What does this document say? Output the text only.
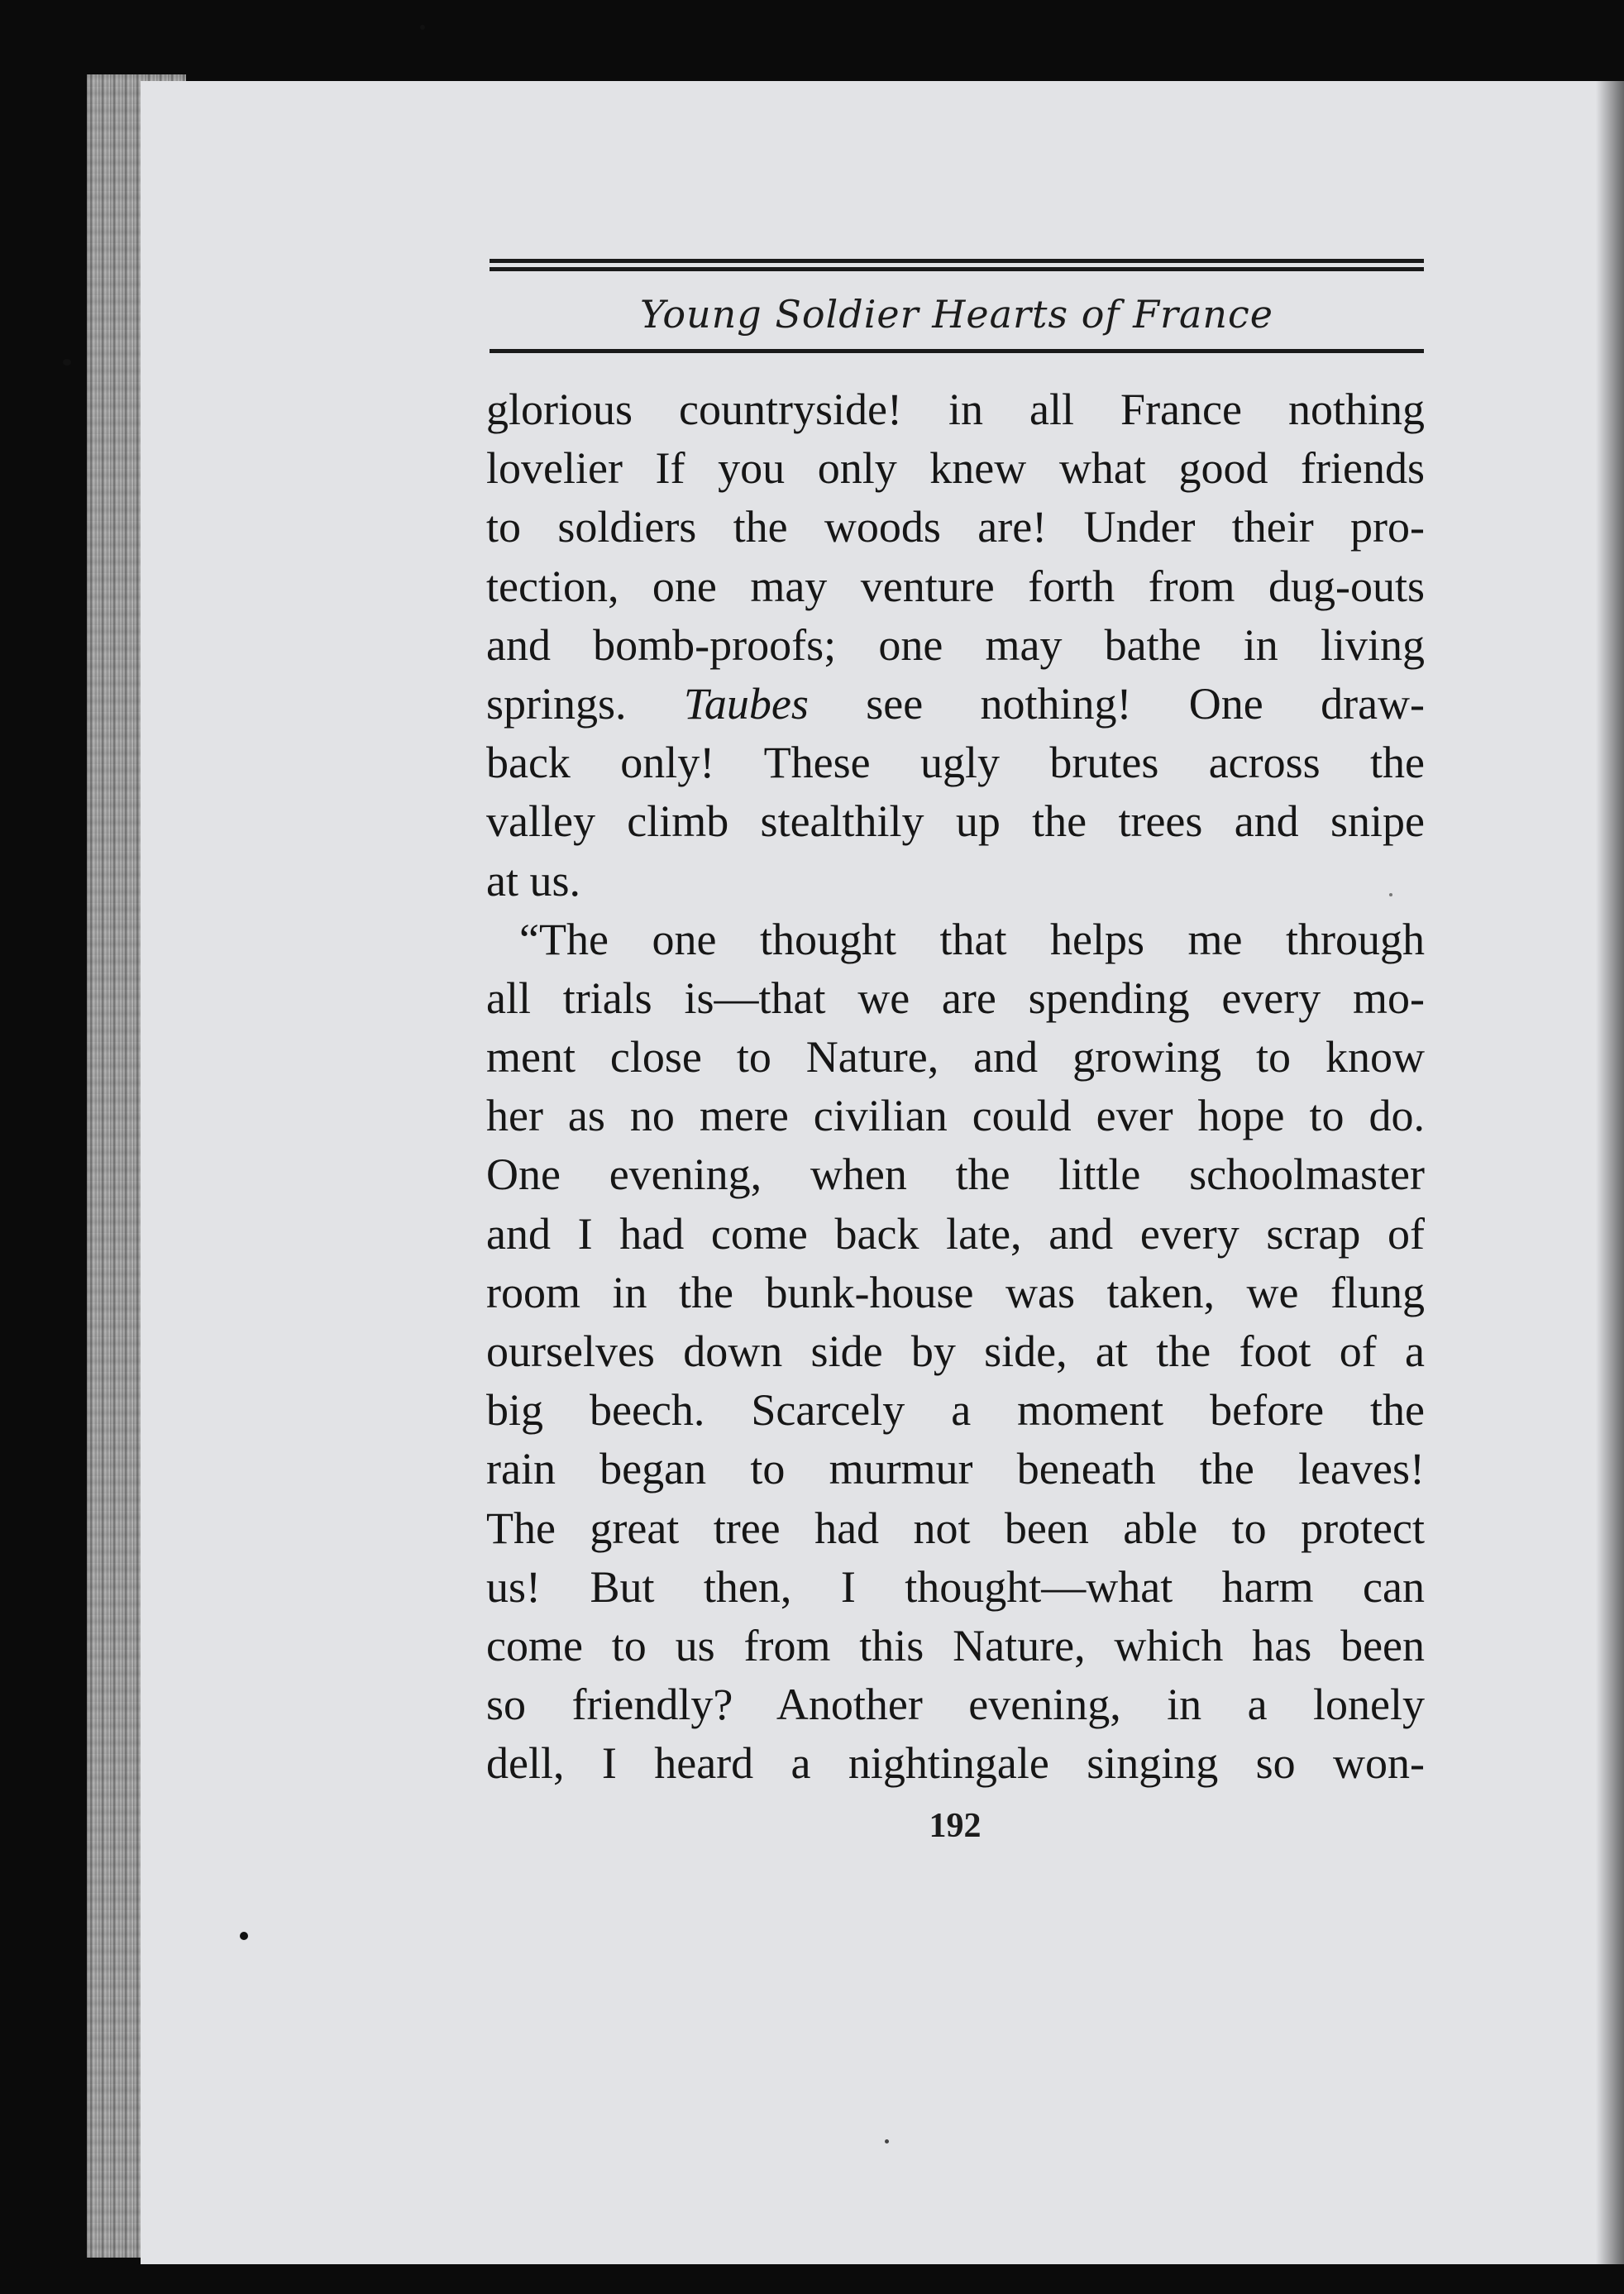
Young Soldier Hearts of France
glorious countryside! in all France nothing
lovelier If you only knew what good friends
to soldiers the woods are! Under their pro-
tection, one may venture forth from dug-outs
and bomb-proofs; one may bathe in living
springs. Taubes see nothing! One draw-
back only! These ugly brutes across the
valley climb stealthily up the trees and snipe
at us.
“The one thought that helps me through
all trials is—that we are spending every mo-
ment close to Nature, and growing to know
her as no mere civilian could ever hope to do.
One evening, when the little schoolmaster
and I had come back late, and every scrap of
room in the bunk-house was taken, we flung
ourselves down side by side, at the foot of a
big beech. Scarcely a moment before the
rain began to murmur beneath the leaves!
The great tree had not been able to protect
us! But then, I thought—what harm can
come to us from this Nature, which has been
so friendly? Another evening, in a lonely
dell, I heard a nightingale singing so won-
192
